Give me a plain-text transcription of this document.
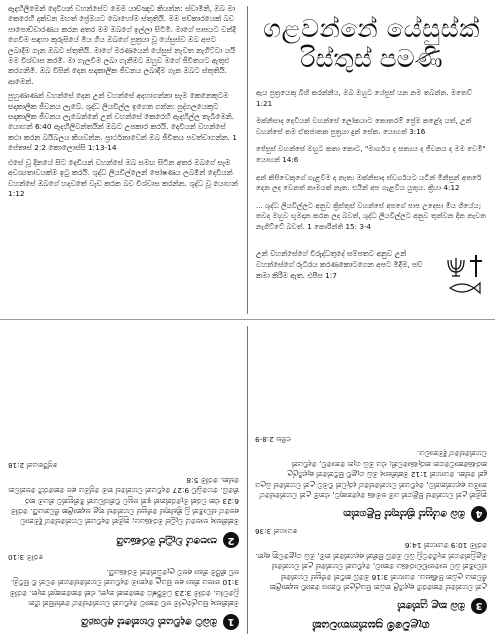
ඇදහිලිමෙන් දෙවියන් වහන්සේට මෙම යාච්ඤාව කියන්න: ස්වාමීනි, ඔබ මා කෙරෙහි දක්වන මහත් ප්‍රේමයට බොහෝම ස්තුතියි. මම පව්කාරයෙක් බව පාපොච්චාරණය කරන අතර මම ඔබගේ ඉල්ලා සිටිමි. මාගේ පාපයට වන්දි ගෙවීම සඳහා කුරුසියේ මිය ගිය ඔබගේ පුත්‍රයා වූ යේසුස්ව ඔබ අපට ලබාදීම ගැන ඔබට ස්තුතියි. මාගේ මරණයෙන් යේසුස් නැවත නැගිට්ටා යයි මම විශ්වාස කරමි. මා ගැලවීම ලබා ගැනීමට ඔහුව මගේ ජීවිතයට ඇතුළු කරගනිමි. ඔබ විසින් දෙන සදාකාලික ජීවනය ලබාදීම ගැන ඔබට ස්තුතියි. ආමෙන්.

පුහුණාණන් වහන්සේ දෙන උන් වහන්සේ අදහාගන්නා සෑම කෙනෙකුටම සදාකාලික ජීවනය ලැබේ. ශුද්ධ ලියවිල්ල ඉගෙන ගන්න: පුද්ගලයෙකුට සදාකාලික ජීවනය ලැබෙන්නේ උන් වහන්සේ කෙරෙහි ඇදහිල්ල තැබීමෙනි. යොහන් 6:40 ඇදහිලිවන්තයින් ඔබට උපකාර කරයි. දෙවියන් වහන්සේ කථා කරන බයිබලය කියවන්න. ප්‍රාර්ථනාවෙන් ඔබ ජීවිතය පවත්වාගන්න. 1 පේතෘස් 2:2 කොලොස්සි 1:13-14

එසේ වූ දිනයේ සිට දෙවියන් වහන්සේ ඔබ සමඟ සිටින අතර ඔබගේ සෑම අවශ්‍යතාවයක්ම ඉටු කරයි. ශුද්ධ ලියවිල්ලෙන් පෝෂණය ලබමින් දෙවියන් වහන්සේ ඔබගේ හදවතේ වැඩ කරන බව විශ්වාස කරන්න. ශුද්ධ වූ යොහන් 1:12

ගළවන්නේ යේසුස්ක්
රිස්තුස් පමණි

ඇය පුත්‍රයෙකු බිහි කරන්නීය, ඔබ ඔහුට යේසුස් යන නම තබන්න. මතෙව් 1:21

මක්නිසාද දෙවියන් වහන්සේ ලෝකයාට කොතරම් ප්‍රේම කළේද යත්, උන් වහන්සේ තම ඒකජාතක පුත්‍රයා දුන් සේක. යොහන් 3:16

ජේසුස් වහන්සේ ඔහුට කතා කොට, "මාර්ගය ද සත්‍යය ද ජීවනය ද මම වෙමි" යොහන් 14:6

අන් කිසිවෙකුගේ ගැළවීම ද නැත: මක්නිසාද ස්වර්ගයට යටින් මිනිසුන් අතරේ දෙන ලද වෙනත් නාමයක් නැත. එයින් අප ගැළවිය යුතුය. ක්‍රියා 4:12

... ශුද්ධ ලියවිල්ලට අනුව ක්‍රිස්තුස් වහන්සේ අපගේ පාප උදෙසා මිය ගියේය; තවද ඔහුව භූමදාන කරන ලද බවත්, ශුද්ධ ලියවිල්ලට අනුව තුන්වන දින නැවත නැගිට්ටේ බවත්. 1 කොරින්ති 15: 3-4

උන් වහන්සේගේ විරුද්ධතුදේ සම්පතට අනුව උන් වහන්සේගේ රුධිරය කරණකොටගෙන අපට මිදීම, පව් කමා කිරීම ඇත. එපීස 1:7
ගැළවීමේ ප්‍රසන්නතාවයක්
3
ඔබ කළ යුත්තේ

උන් වහන්සේ කෙරෙහි ඇදහිලි තබන සියල්ලන් විනාශ නොවී සදාකාලික ජීවනය ලබන පිණිසය. යොහන් 3:16 ඔබේ කටින් ජේසුස් වහන්සේ ස්වාමීන් බව පාපොච්චාරණය කොට, දෙවියන් වහන්සේ උන් වහන්සේ මළවුන්ගෙන් නැගිටෙවූ බව ඔබේ සිතින් අදහන්නේ නම්, ඔබ ගැළවෙනු ඇත. රෝම 10:9 යොහන් 14:6

යොහන් 3:36

4
ඔබ යේසුස් ක්‍රිස්තුස් පිළිගන්න

නුමුත් උන් වහන්සේ පිළිගත් යම් පමණ දෙනෙකුට, එනම් උන් වහන්සේගේ නාමය අදහන්නන්ට, දෙවියන් වහන්සේගේ දරුවන් වීමට උන් වහන්සේ බලය දුන් සේක. යොහන් 1:12 මක්නිසාද ඔබ ගැළවී සිටින්නේ ඇදහිල්ල කරණකොටගෙන කරුණාවෙනි; එය ඔබ ගැන නොවේ, දෙවියන් වහන්සේගේ දීමනාවය.

එපීස 2:8-9

1
ඔබට දෙවියන් වහන්සේ අවශ්‍යයි

මක්නිසාද සියල්ලෝම පව් කොට දෙවියන් වහන්සේගේ තේජසින් හීන වූවෝය. රෝම 3:23 ධර්මිෂ්ඨ කෙනෙක් නැත, එක් කෙනෙකුත් නැත. රෝම 3:10 පාපය නිසා අප සියලු දෙනාම දෙවියන් වහන්සේගෙන් වෙන් වී සිටිමු. පව් කිරීම නිසා අපට ලැබෙන්නේ මරණයයි.

රෝම 3:10

2
පාපයේ වැටුප් මරණයයි

මක්නිසාද පාපයේ වැටුප් මරණයය; නුමුත් දෙවියන් වහන්සේගේ දීමනාව අපගේ ස්වාමීන් වූ ක්‍රිස්තුස් ජේසුස් වහන්සේ තුළ සදාකාලික ජීවනයයි. රෝම 6:23 එක වරක් මැරෙන්නත් ඉන් පසුව විනිශ්චයත් මිනිසුන්ට නියම කර තිබේ. හෙබ්‍රෙව් 9:27 දෙවියන් වහන්සේ තම ප්‍රේමය අප කෙරෙහි පෙන්වන සේක. රෝම 5:8

ප්‍රේරිතයන් 2:18
